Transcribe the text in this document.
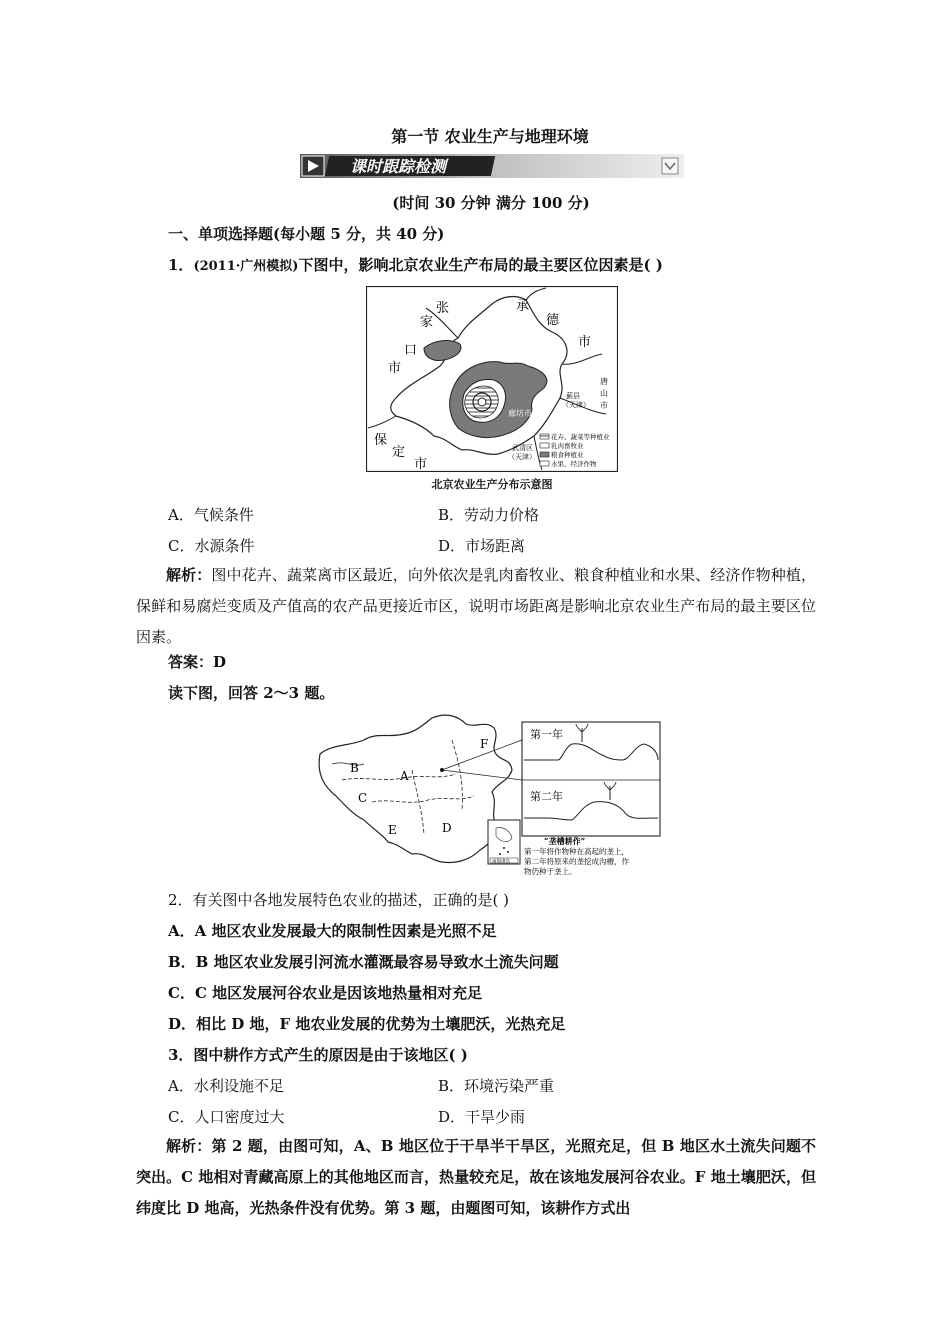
第一节 农业生产与地理环境
课时跟踪检测
(时间 30 分钟 满分 100 分)
一、单项选择题(每小题 5 分，共 40 分)
1．(2011·广州模拟)下图中，影响北京农业生产布局的最主要区位因素是( )
张
家
口
市
承
德
市
唐
山
市
蓟县
（天津）
廊坊市
武清区
（天津）
保
定
市
花卉、蔬菜等种植业
乳肉畜牧业
粮食种植业
水果、经济作物
北京农业生产分布示意图
A．气候条件	B．劳动力价格
C．水源条件	D．市场距离
解析：图中花卉、蔬菜离市区最近，向外依次是乳肉畜牧业、粮食种植业和水果、经济作物种植，保鲜和易腐烂变质及产值高的农产品更接近市区，说明市场距离是影响北京农业生产布局的最主要区位因素。
答案：D
读下图，回答 2～3 题。
A
B
C
D
E
F
南海诸岛
第一年
第二年
“垄槽耕作”
第一年将作物种在高起的垄上，
第二年将原来的垄挖成沟槽，作
物仍种于垄上。
2．有关图中各地发展特色农业的描述，正确的是( )
A．A 地区农业发展最大的限制性因素是光照不足
B．B 地区农业发展引河流水灌溉最容易导致水土流失问题
C．C 地区发展河谷农业是因该地热量相对充足
D．相比 D 地，F 地农业发展的优势为土壤肥沃，光热充足
3．图中耕作方式产生的原因是由于该地区( )
A．水利设施不足	B．环境污染严重
C．人口密度过大	D．干旱少雨
解析：第 2 题，由图可知，A、B 地区位于干旱半干旱区，光照充足，但 B 地区水土流失问题不突出。C 地相对青藏高原上的其他地区而言，热量较充足，故在该地发展河谷农业。F 地土壤肥沃，但纬度比 D 地高，光热条件没有优势。第 3 题，由题图可知，该耕作方式出
